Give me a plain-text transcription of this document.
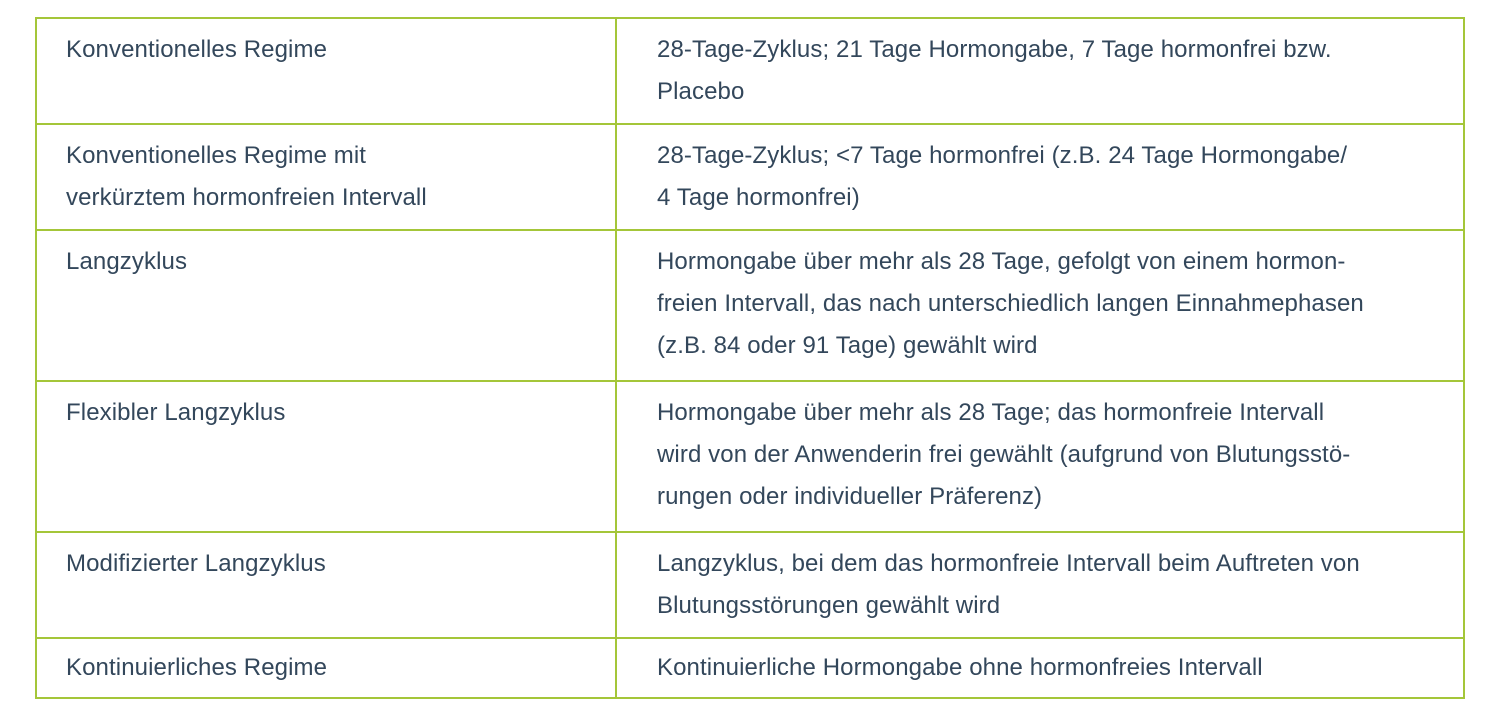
Konventionelles Regime	28-Tage-Zyklus; 21 Tage Hormongabe, 7 Tage hormonfrei bzw.
Placebo

Konventionelles Regime mit
verkürztem hormonfreien Intervall	28-Tage-Zyklus; <7 Tage hormonfrei (z.B. 24 Tage Hormongabe/
4 Tage hormonfrei)

Langzyklus	Hormongabe über mehr als 28 Tage, gefolgt von einem hormon-
freien Intervall, das nach unterschiedlich langen Einnahmephasen
(z.B. 84 oder 91 Tage) gewählt wird

Flexibler Langzyklus	Hormongabe über mehr als 28 Tage; das hormonfreie Intervall
wird von der Anwenderin frei gewählt (aufgrund von Blutungsstö-
rungen oder individueller Präferenz)

Modifizierter Langzyklus	Langzyklus, bei dem das hormonfreie Intervall beim Auftreten von
Blutungsstörungen gewählt wird

Kontinuierliches Regime	Kontinuierliche Hormongabe ohne hormonfreies Intervall
